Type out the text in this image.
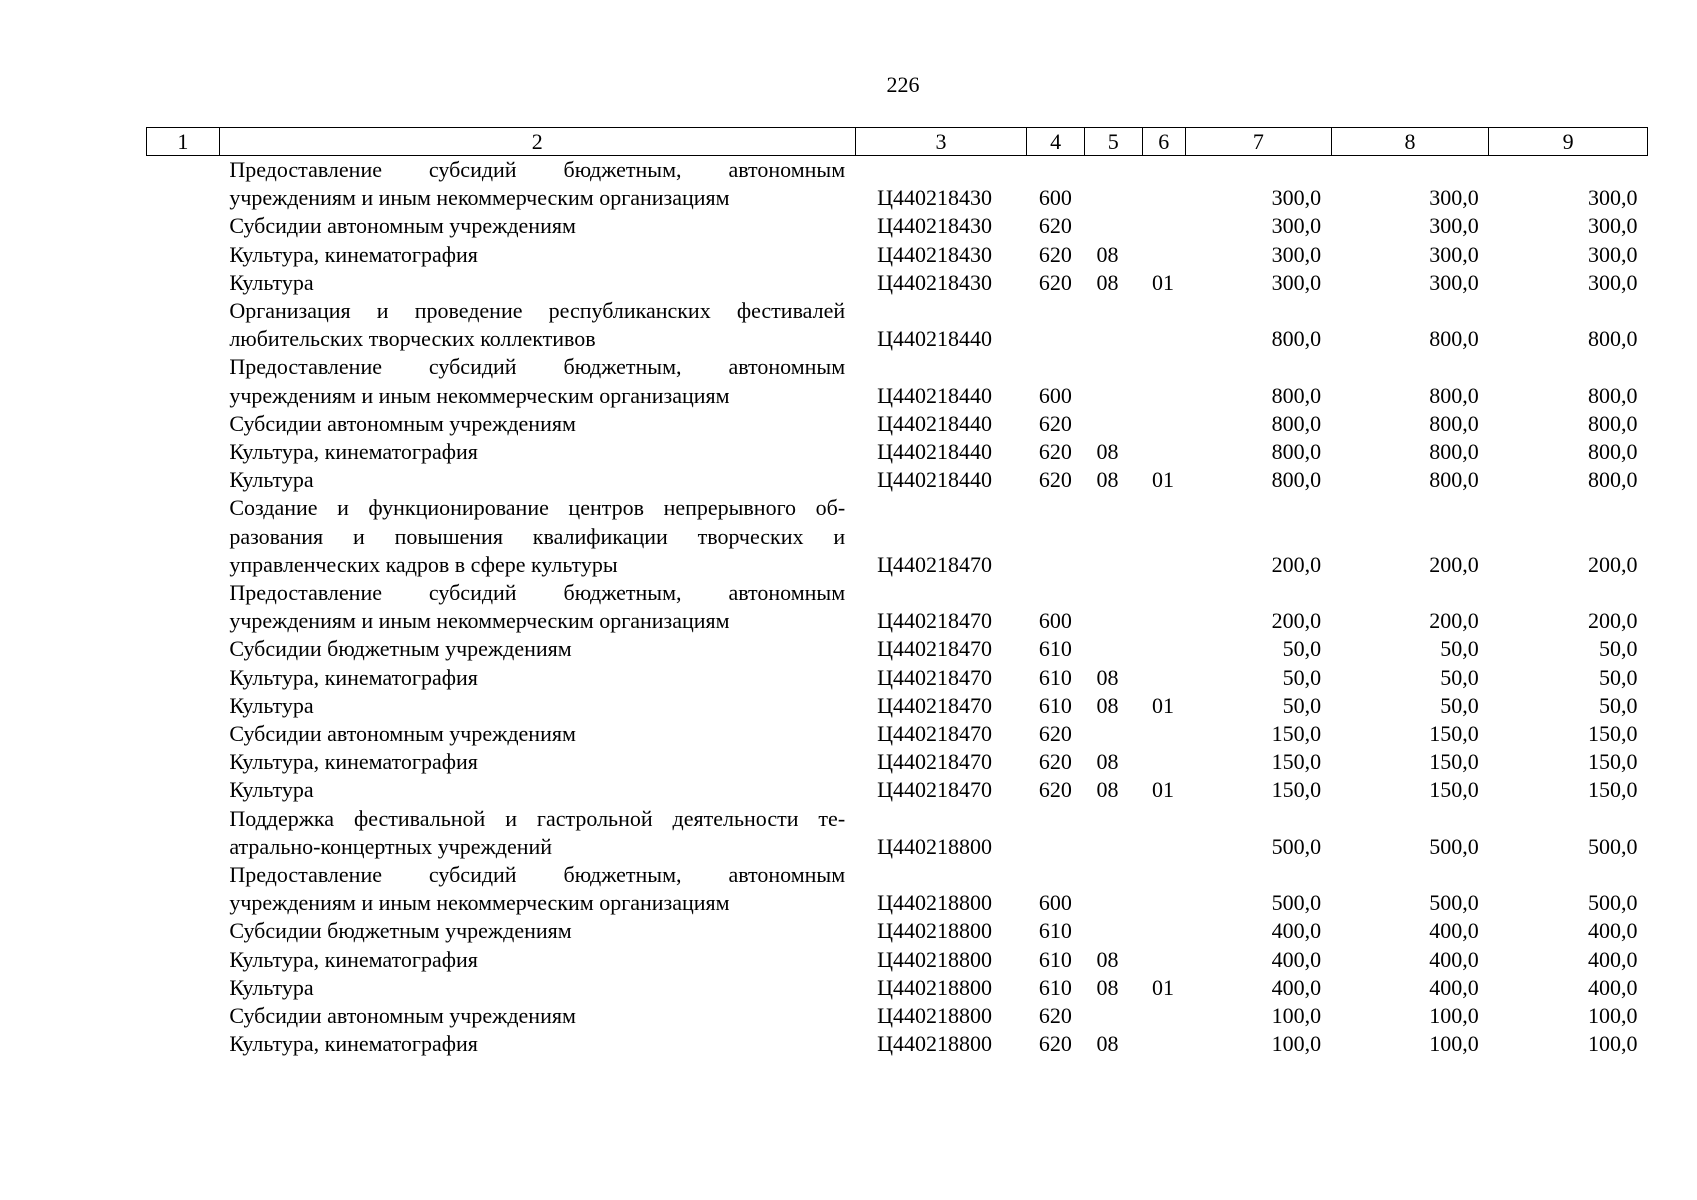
226
1	2	3	4	5	6	7	8	9
	Предоставление субсидий бюджетным, автономным учреждениям и иным некоммерческим организациям	Ц440218430	600			300,0	300,0	300,0
	Субсидии автономным учреждениям	Ц440218430	620			300,0	300,0	300,0
	Культура, кинематография	Ц440218430	620	08		300,0	300,0	300,0
	Культура	Ц440218430	620	08	01	300,0	300,0	300,0
	Организация и проведение республиканских фестивалей любительских творческих коллективов	Ц440218440				800,0	800,0	800,0
	Предоставление субсидий бюджетным, автономным учреждениям и иным некоммерческим организациям	Ц440218440	600			800,0	800,0	800,0
	Субсидии автономным учреждениям	Ц440218440	620			800,0	800,0	800,0
	Культура, кинематография	Ц440218440	620	08		800,0	800,0	800,0
	Культура	Ц440218440	620	08	01	800,0	800,0	800,0
	Создание и функционирование центров непрерывного образования и повышения квалификации творческих и управленческих кадров в сфере культуры	Ц440218470				200,0	200,0	200,0
	Предоставление субсидий бюджетным, автономным учреждениям и иным некоммерческим организациям	Ц440218470	600			200,0	200,0	200,0
	Субсидии бюджетным учреждениям	Ц440218470	610			50,0	50,0	50,0
	Культура, кинематография	Ц440218470	610	08		50,0	50,0	50,0
	Культура	Ц440218470	610	08	01	50,0	50,0	50,0
	Субсидии автономным учреждениям	Ц440218470	620			150,0	150,0	150,0
	Культура, кинематография	Ц440218470	620	08		150,0	150,0	150,0
	Культура	Ц440218470	620	08	01	150,0	150,0	150,0
	Поддержка фестивальной и гастрольной деятельности театрально-концертных учреждений	Ц440218800				500,0	500,0	500,0
	Предоставление субсидий бюджетным, автономным учреждениям и иным некоммерческим организациям	Ц440218800	600			500,0	500,0	500,0
	Субсидии бюджетным учреждениям	Ц440218800	610			400,0	400,0	400,0
	Культура, кинематография	Ц440218800	610	08		400,0	400,0	400,0
	Культура	Ц440218800	610	08	01	400,0	400,0	400,0
	Субсидии автономным учреждениям	Ц440218800	620			100,0	100,0	100,0
	Культура, кинематография	Ц440218800	620	08		100,0	100,0	100,0
